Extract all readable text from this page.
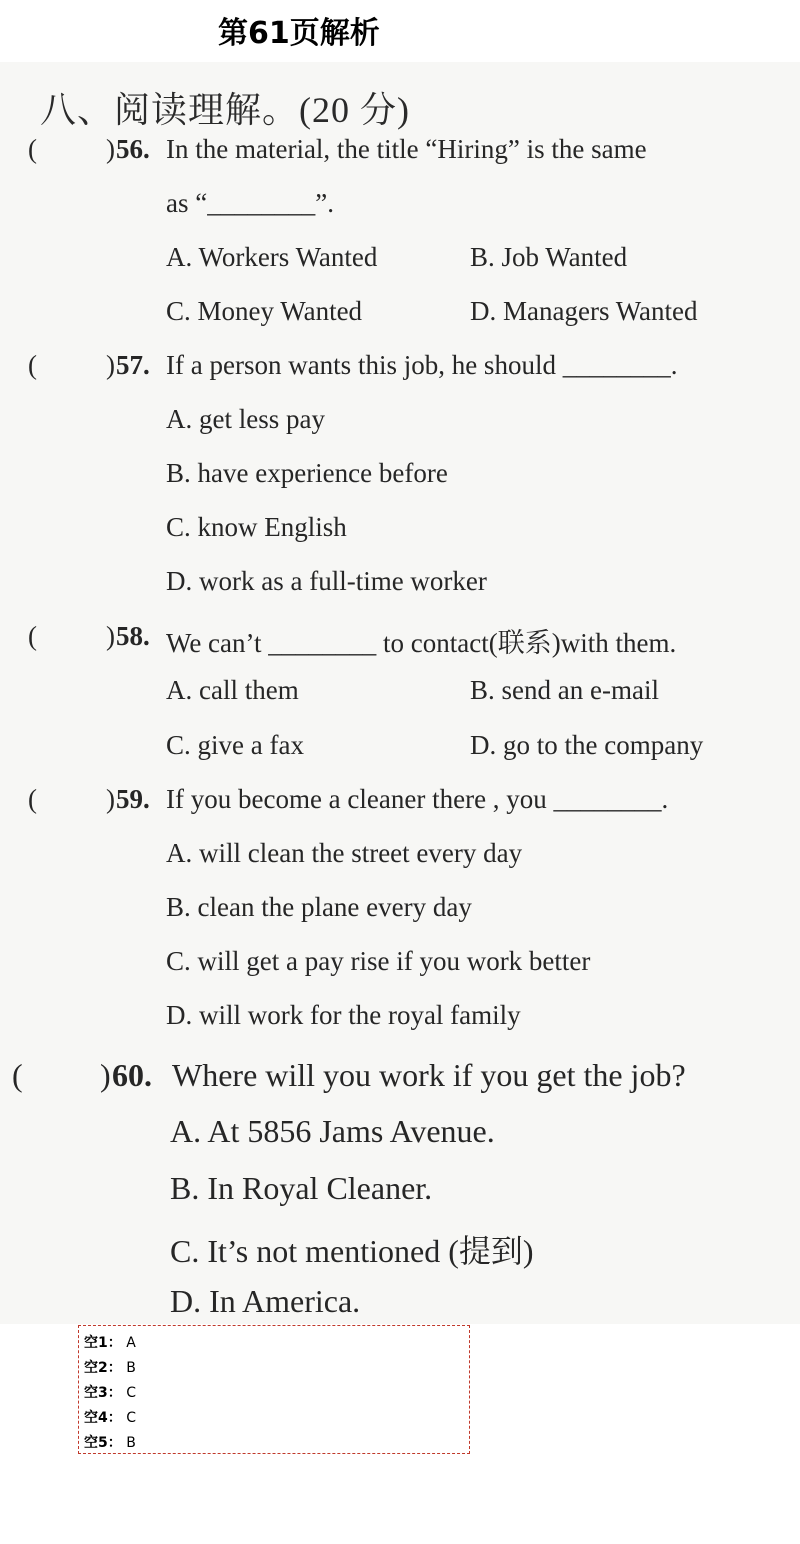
第61页解析
八、阅读理解。(20 分)
(	) 56. In the material, the title “Hiring” is the same
as “________”.
A. Workers Wanted	B. Job Wanted
C. Money Wanted	D. Managers Wanted
(	) 57. If a person wants this job, he should ________.
A. get less pay
B. have experience before
C. know English
D. work as a full-time worker
(	) 58. We can’t ________ to contact(联系)with them.
A. call them	B. send an e-mail
C. give a fax	D. go to the company
(	) 59. If you become a cleaner there , you ________.
A. will clean the street every day
B. clean the plane every day
C. will get a pay rise if you work better
D. will work for the royal family
( ) 60. Where will you work if you get the job?
A. At 5856 Jams Avenue.
B. In Royal Cleaner.
C. It’s not mentioned (提到)
D. In America.
空1： A
空2： B
空3： C
空4： C
空5： B
